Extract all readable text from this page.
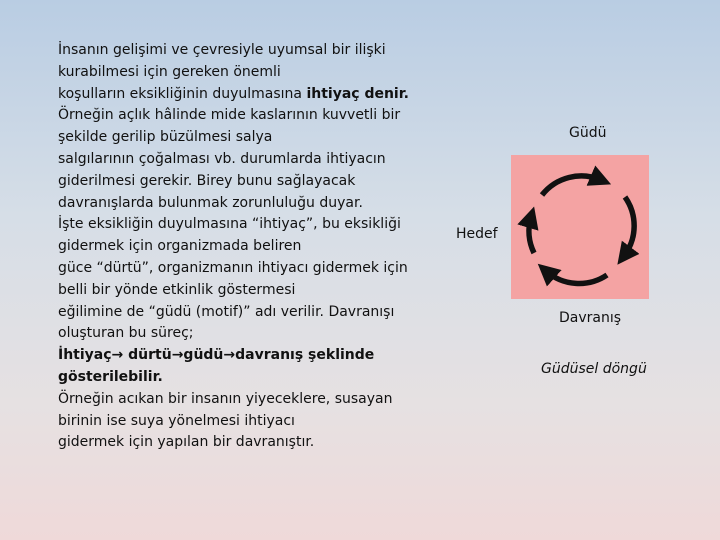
İnsanın gelişimi ve çevresiyle uyumsal bir ilişki
kurabilmesi için gereken önemli
koşulların eksikliğinin duyulmasına ihtiyaç denir.
Örneğin açlık hâlinde mide kaslarının kuvvetli bir
şekilde gerilip büzülmesi salya
salgılarının çoğalması vb. durumlarda ihtiyacın
giderilmesi gerekir. Birey bunu sağlayacak
davranışlarda bulunmak zorunluluğu duyar.
İşte eksikliğin duyulmasına “ihtiyaç”, bu eksikliği
gidermek için organizmada beliren
güce “dürtü”, organizmanın ihtiyacı gidermek için
belli bir yönde etkinlik göstermesi
eğilimine de “güdü (motif)” adı verilir. Davranışı
oluşturan bu süreç;
İhtiyaç→ dürtü→güdü→davranış şeklinde
gösterilebilir.
Örneğin acıkan bir insanın yiyeceklere, susayan
birinin ise suya yönelmesi ihtiyacı
gidermek için yapılan bir davranıştır.
Güdü
Hedef
Davranış
Güdüsel döngü
